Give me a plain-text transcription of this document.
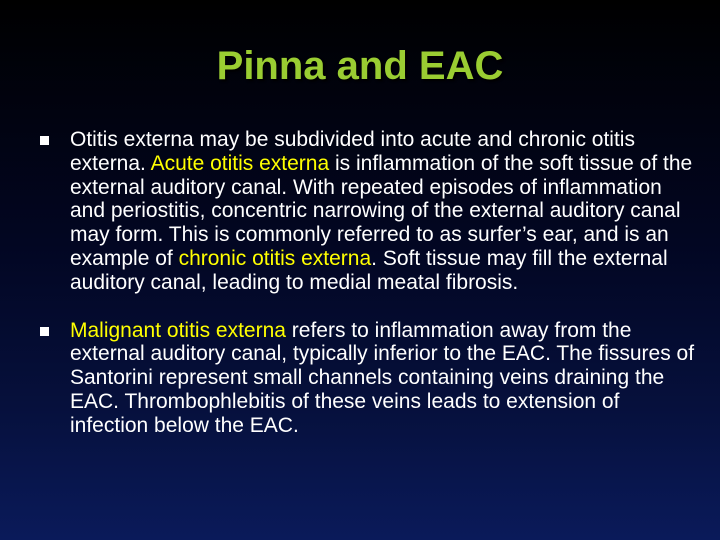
Pinna and EAC
Otitis externa may be subdivided into acute and chronic otitis externa. Acute otitis externa is inflammation of the soft tissue of the external auditory canal. With repeated episodes of inflammation and periostitis, concentric narrowing of the external auditory canal may form. This is commonly referred to as surfer’s ear, and is an example of chronic otitis externa. Soft tissue may fill the external auditory canal, leading to medial meatal fibrosis.
Malignant otitis externa refers to inflammation away from the external auditory canal, typically inferior to the EAC. The fissures of Santorini represent small channels containing veins draining the EAC. Thrombophlebitis of these veins leads to extension of infection below the EAC.
